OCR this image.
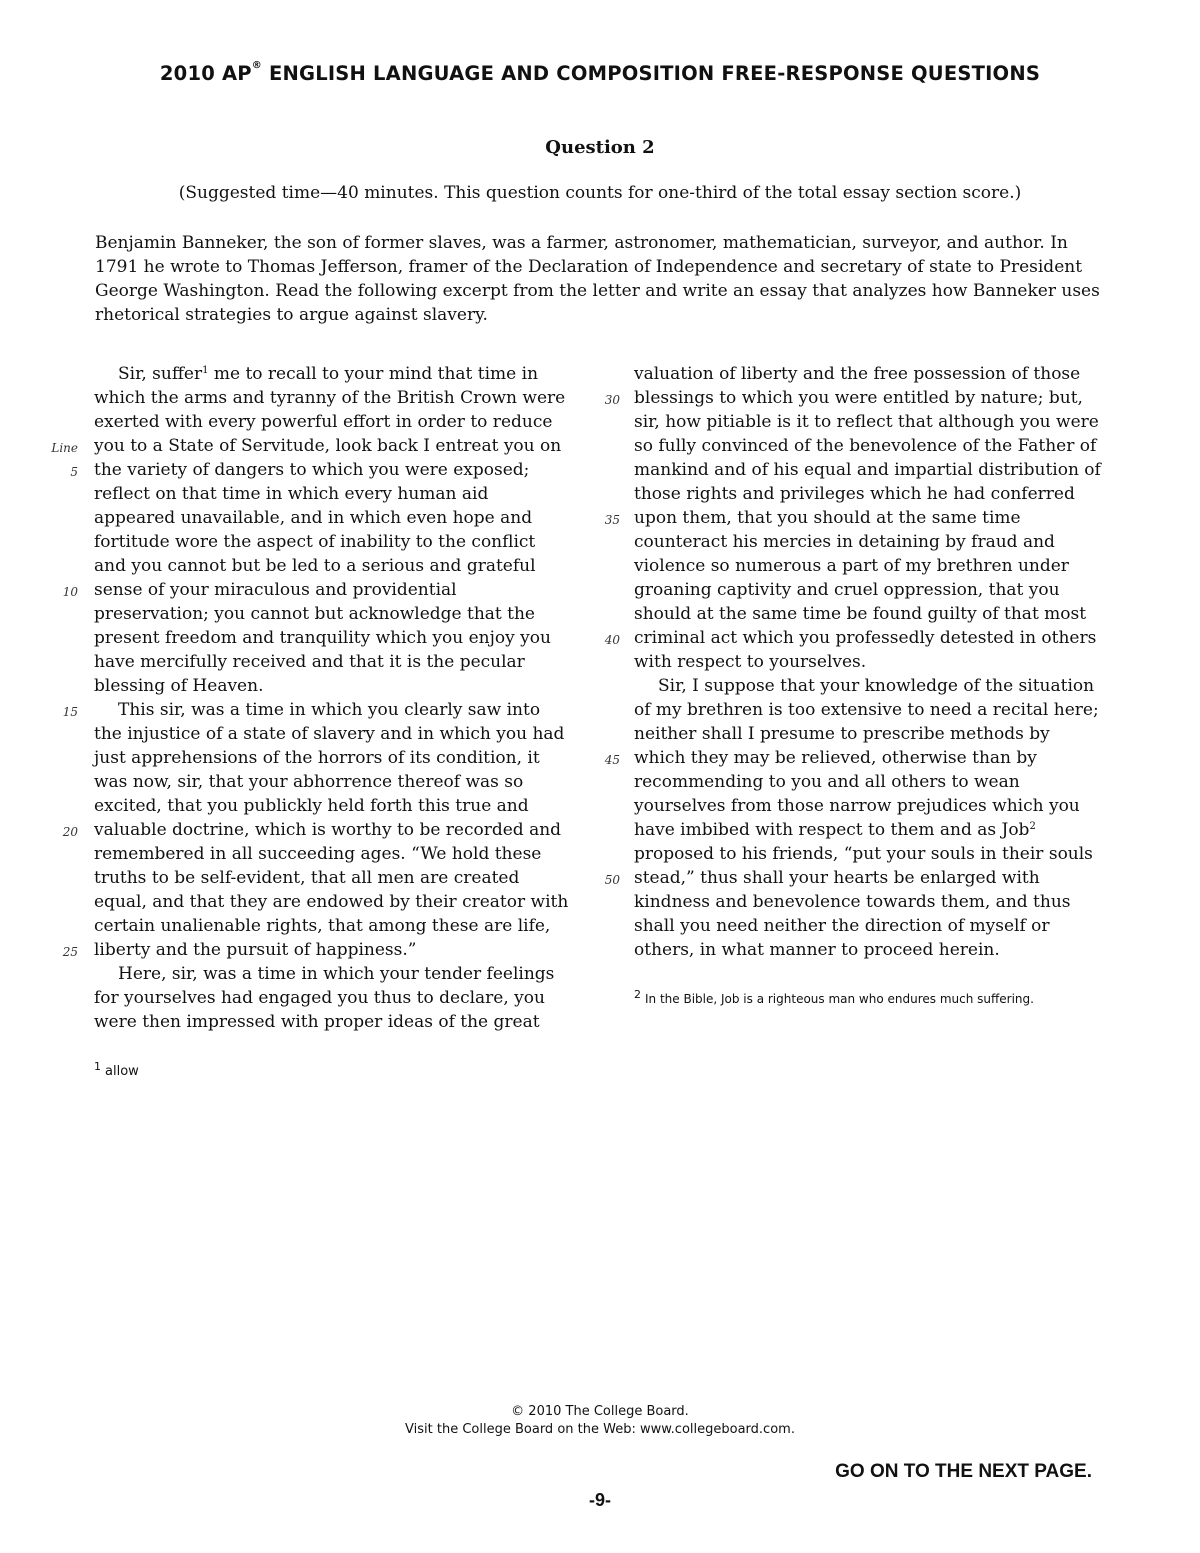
2010 AP® ENGLISH LANGUAGE AND COMPOSITION FREE-RESPONSE QUESTIONS
Question 2
(Suggested time—40 minutes. This question counts for one-third of the total essay section score.)
Benjamin Banneker, the son of former slaves, was a farmer, astronomer, mathematician, surveyor, and author. In
1791 he wrote to Thomas Jefferson, framer of the Declaration of Independence and secretary of state to President
George Washington. Read the following excerpt from the letter and write an essay that analyzes how Banneker uses
rhetorical strategies to argue against slavery.
Sir, suffer$^1$ me to recall to your mind that time in
which the arms and tyranny of the British Crown were
exerted with every powerful effort in order to reduce
Line you to a State of Servitude, look back I entreat you on
5 the variety of dangers to which you were exposed;
reflect on that time in which every human aid
appeared unavailable, and in which even hope and
fortitude wore the aspect of inability to the conflict
and you cannot but be led to a serious and grateful
10 sense of your miraculous and providential
preservation; you cannot but acknowledge that the
present freedom and tranquility which you enjoy you
have mercifully received and that it is the pecular
blessing of Heaven.
15	This sir, was a time in which you clearly saw into
the injustice of a state of slavery and in which you had
just apprehensions of the horrors of its condition, it
was now, sir, that your abhorrence thereof was so
excited, that you publickly held forth this true and
20 valuable doctrine, which is worthy to be recorded and
remembered in all succeeding ages. “We hold these
truths to be self-evident, that all men are created
equal, and that they are endowed by their creator with
certain unalienable rights, that among these are life,
25 liberty and the pursuit of happiness.”
Here, sir, was a time in which your tender feelings
for yourselves had engaged you thus to declare, you
were then impressed with proper ideas of the great
valuation of liberty and the free possession of those
30 blessings to which you were entitled by nature; but,
sir, how pitiable is it to reflect that although you were
so fully convinced of the benevolence of the Father of
mankind and of his equal and impartial distribution of
those rights and privileges which he had conferred
35 upon them, that you should at the same time
counteract his mercies in detaining by fraud and
violence so numerous a part of my brethren under
groaning captivity and cruel oppression, that you
should at the same time be found guilty of that most
40 criminal act which you professedly detested in others
with respect to yourselves.
Sir, I suppose that your knowledge of the situation
of my brethren is too extensive to need a recital here;
neither shall I presume to prescribe methods by
45 which they may be relieved, otherwise than by
recommending to you and all others to wean
yourselves from those narrow prejudices which you
have imbibed with respect to them and as Job$^2$
proposed to his friends, “put your souls in their souls
50 stead,” thus shall your hearts be enlarged with
kindness and benevolence towards them, and thus
shall you need neither the direction of myself or
others, in what manner to proceed herein.
$^1$ allow
$^2$ In the Bible, Job is a righteous man who endures much suffering.
© 2010 The College Board.
Visit the College Board on the Web: www.collegeboard.com.
GO ON TO THE NEXT PAGE.
-9-
